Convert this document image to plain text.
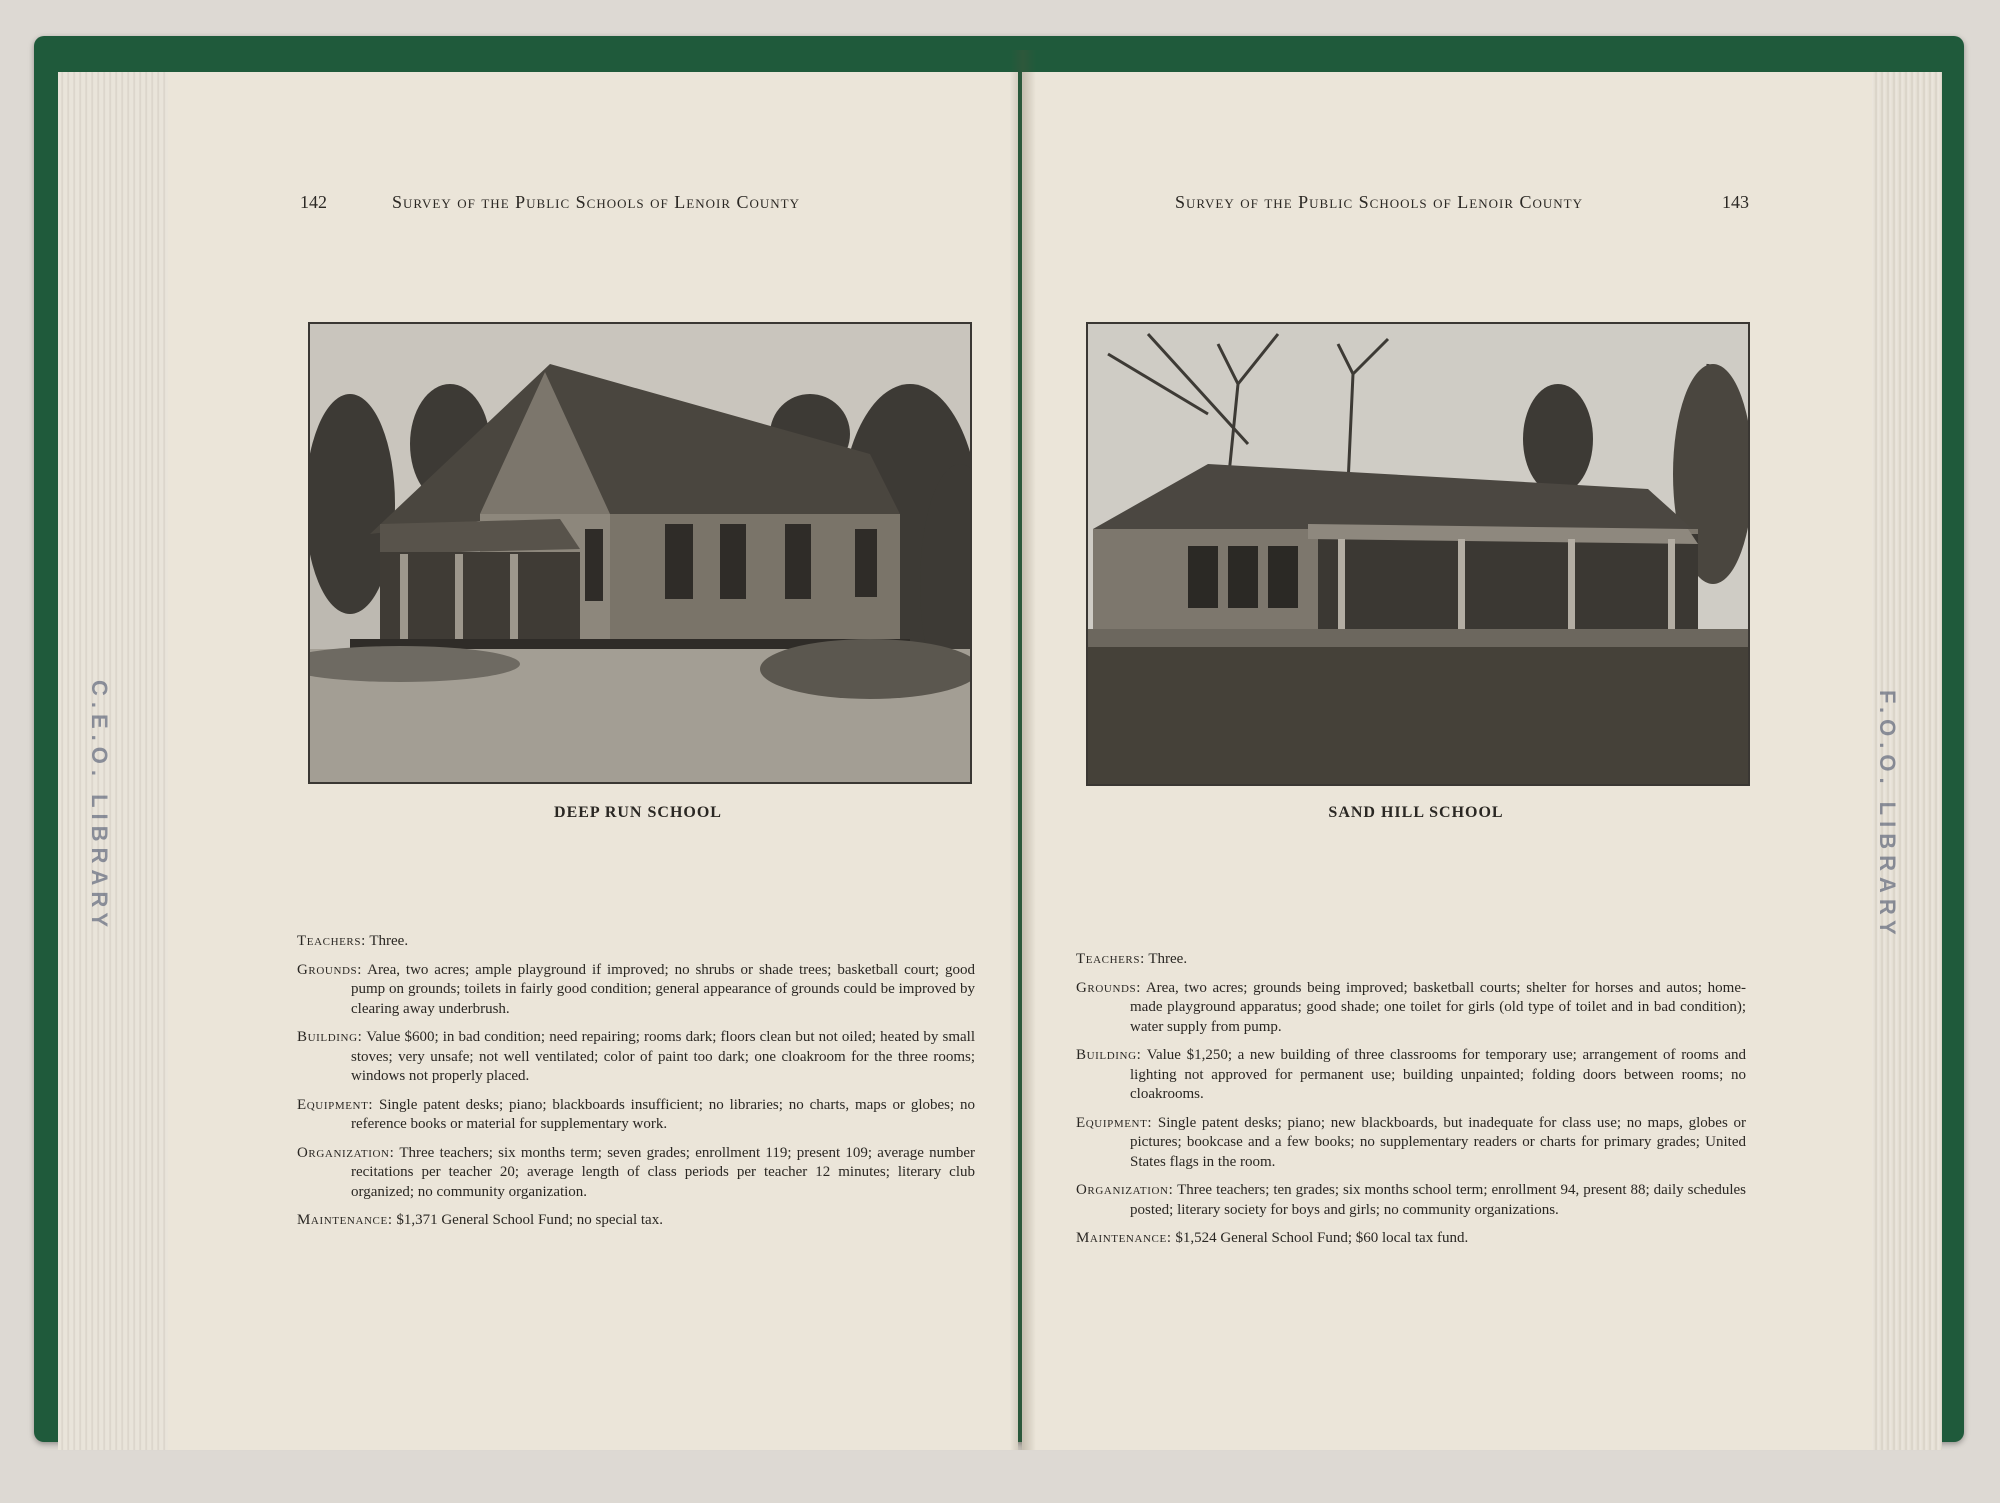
C.E.O. LIBRARY	F.O.O. LIBRARY
142	Survey of the Public Schools of Lenoir County	Survey of the Public Schools of Lenoir County	143
DEEP RUN SCHOOL	SAND HILL SCHOOL

Teachers: Three.

Grounds: Area, two acres; ample playground if improved; no shrubs or shade trees; basketball court; good pump on grounds; toilets in fairly good condition; general appearance of grounds could be improved by clearing away underbrush.

Building: Value $600; in bad condition; need repairing; rooms dark; floors clean but not oiled; heated by small stoves; very unsafe; not well ventilated; color of paint too dark; one cloakroom for the three rooms; windows not properly placed.

Equipment: Single patent desks; piano; blackboards insufficient; no libraries; no charts, maps or globes; no reference books or material for supplementary work.

Organization: Three teachers; six months term; seven grades; enrollment 119; present 109; average number recitations per teacher 20; average length of class periods per teacher 12 minutes; literary club organized; no community organization.

Maintenance: $1,371 General School Fund; no special tax.

Teachers: Three.

Grounds: Area, two acres; grounds being improved; basketball courts; shelter for horses and autos; home-made playground apparatus; good shade; one toilet for girls (old type of toilet and in bad condition); water supply from pump.

Building: Value $1,250; a new building of three classrooms for temporary use; arrangement of rooms and lighting not approved for permanent use; building unpainted; folding doors between rooms; no cloakrooms.

Equipment: Single patent desks; piano; new blackboards, but inadequate for class use; no maps, globes or pictures; bookcase and a few books; no supplementary readers or charts for primary grades; United States flags in the room.

Organization: Three teachers; ten grades; six months school term; enrollment 94, present 88; daily schedules posted; literary society for boys and girls; no community organizations.

Maintenance: $1,524 General School Fund; $60 local tax fund.
